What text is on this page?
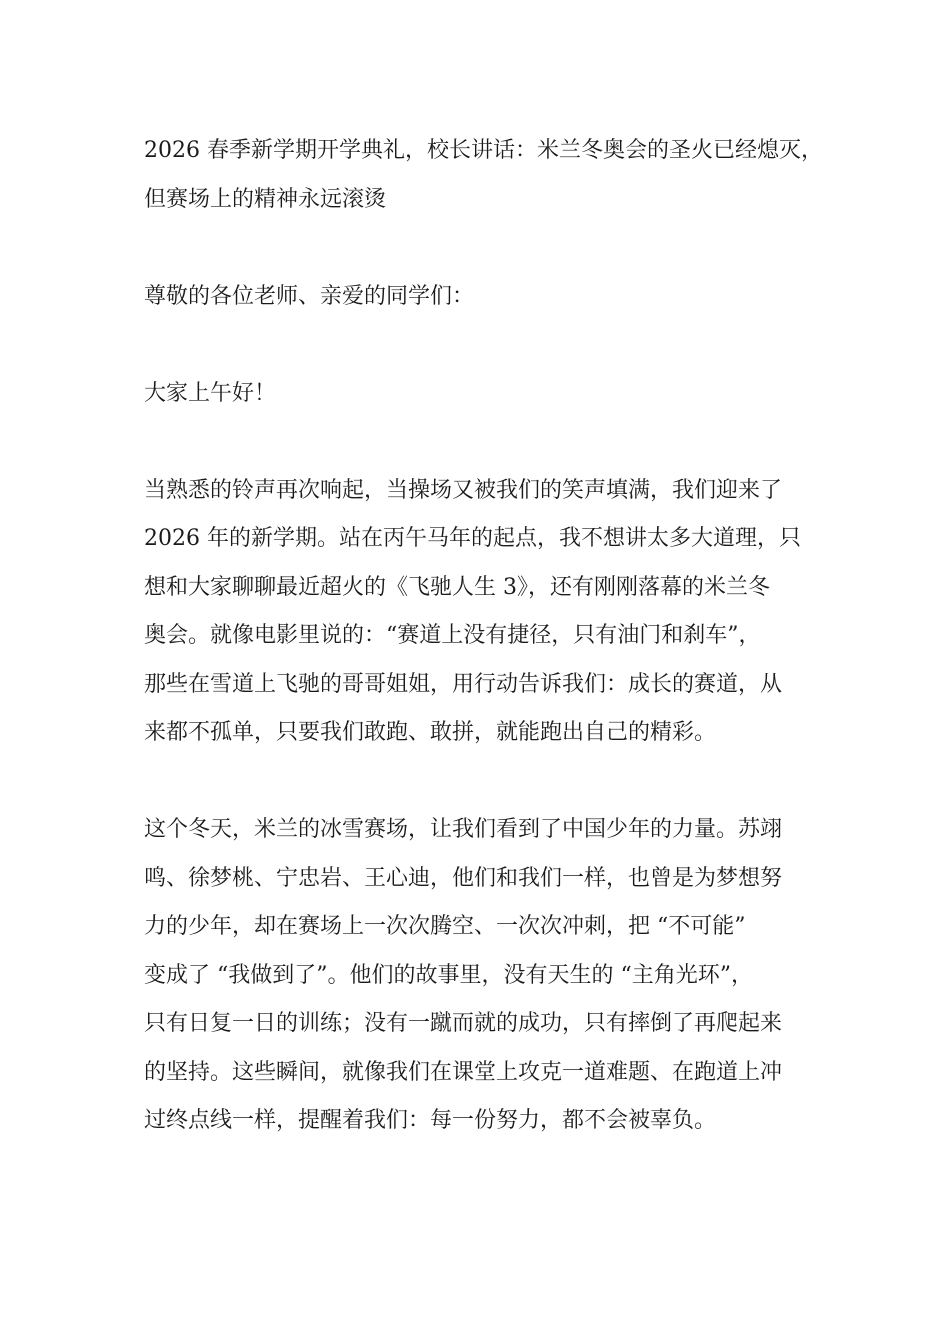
2026 春季新学期开学典礼，校长讲话：米兰冬奥会的圣火已经熄灭，
但赛场上的精神永远滚烫
尊敬的各位老师、亲爱的同学们：
大家上午好！
当熟悉的铃声再次响起，当操场又被我们的笑声填满，我们迎来了
2026 年的新学期。站在丙午马年的起点，我不想讲太多大道理，只
想和大家聊聊最近超火的《飞驰人生 3》，还有刚刚落幕的米兰冬
奥会。就像电影里说的：“赛道上没有捷径，只有油门和刹车”，
那些在雪道上飞驰的哥哥姐姐，用行动告诉我们：成长的赛道，从
来都不孤单，只要我们敢跑、敢拼，就能跑出自己的精彩。
这个冬天，米兰的冰雪赛场，让我们看到了中国少年的力量。苏翊
鸣、徐梦桃、宁忠岩、王心迪，他们和我们一样，也曾是为梦想努
力的少年，却在赛场上一次次腾空、一次次冲刺，把 “不可能”
变成了 “我做到了”。他们的故事里，没有天生的 “主角光环”，
只有日复一日的训练；没有一蹴而就的成功，只有摔倒了再爬起来
的坚持。这些瞬间，就像我们在课堂上攻克一道难题、在跑道上冲
过终点线一样，提醒着我们：每一份努力，都不会被辜负。
